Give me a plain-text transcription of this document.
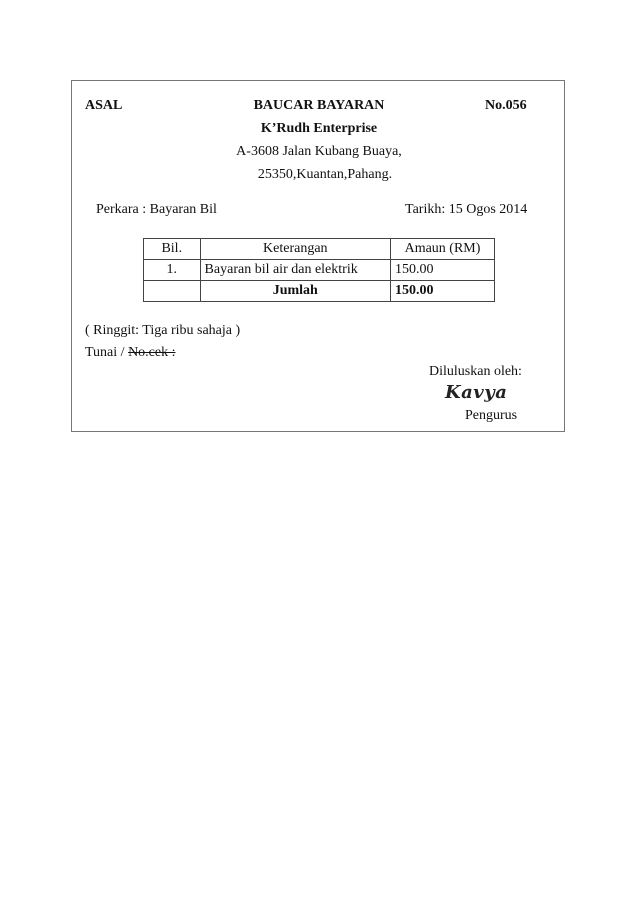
ASAL	BAUCAR BAYARAN	No.056
K’Rudh Enterprise
A-3608 Jalan Kubang Buaya,
25350,Kuantan,Pahang.
Perkara : Bayaran Bil	Tarikh: 15 Ogos 2014
Bil.	Keterangan	Amaun (RM)
1.	Bayaran bil air dan elektrik	150.00
	Jumlah	150.00
( Ringgit: Tiga ribu sahaja )
Tunai / No.cek :
Diluluskan oleh:
Kavya
Pengurus
